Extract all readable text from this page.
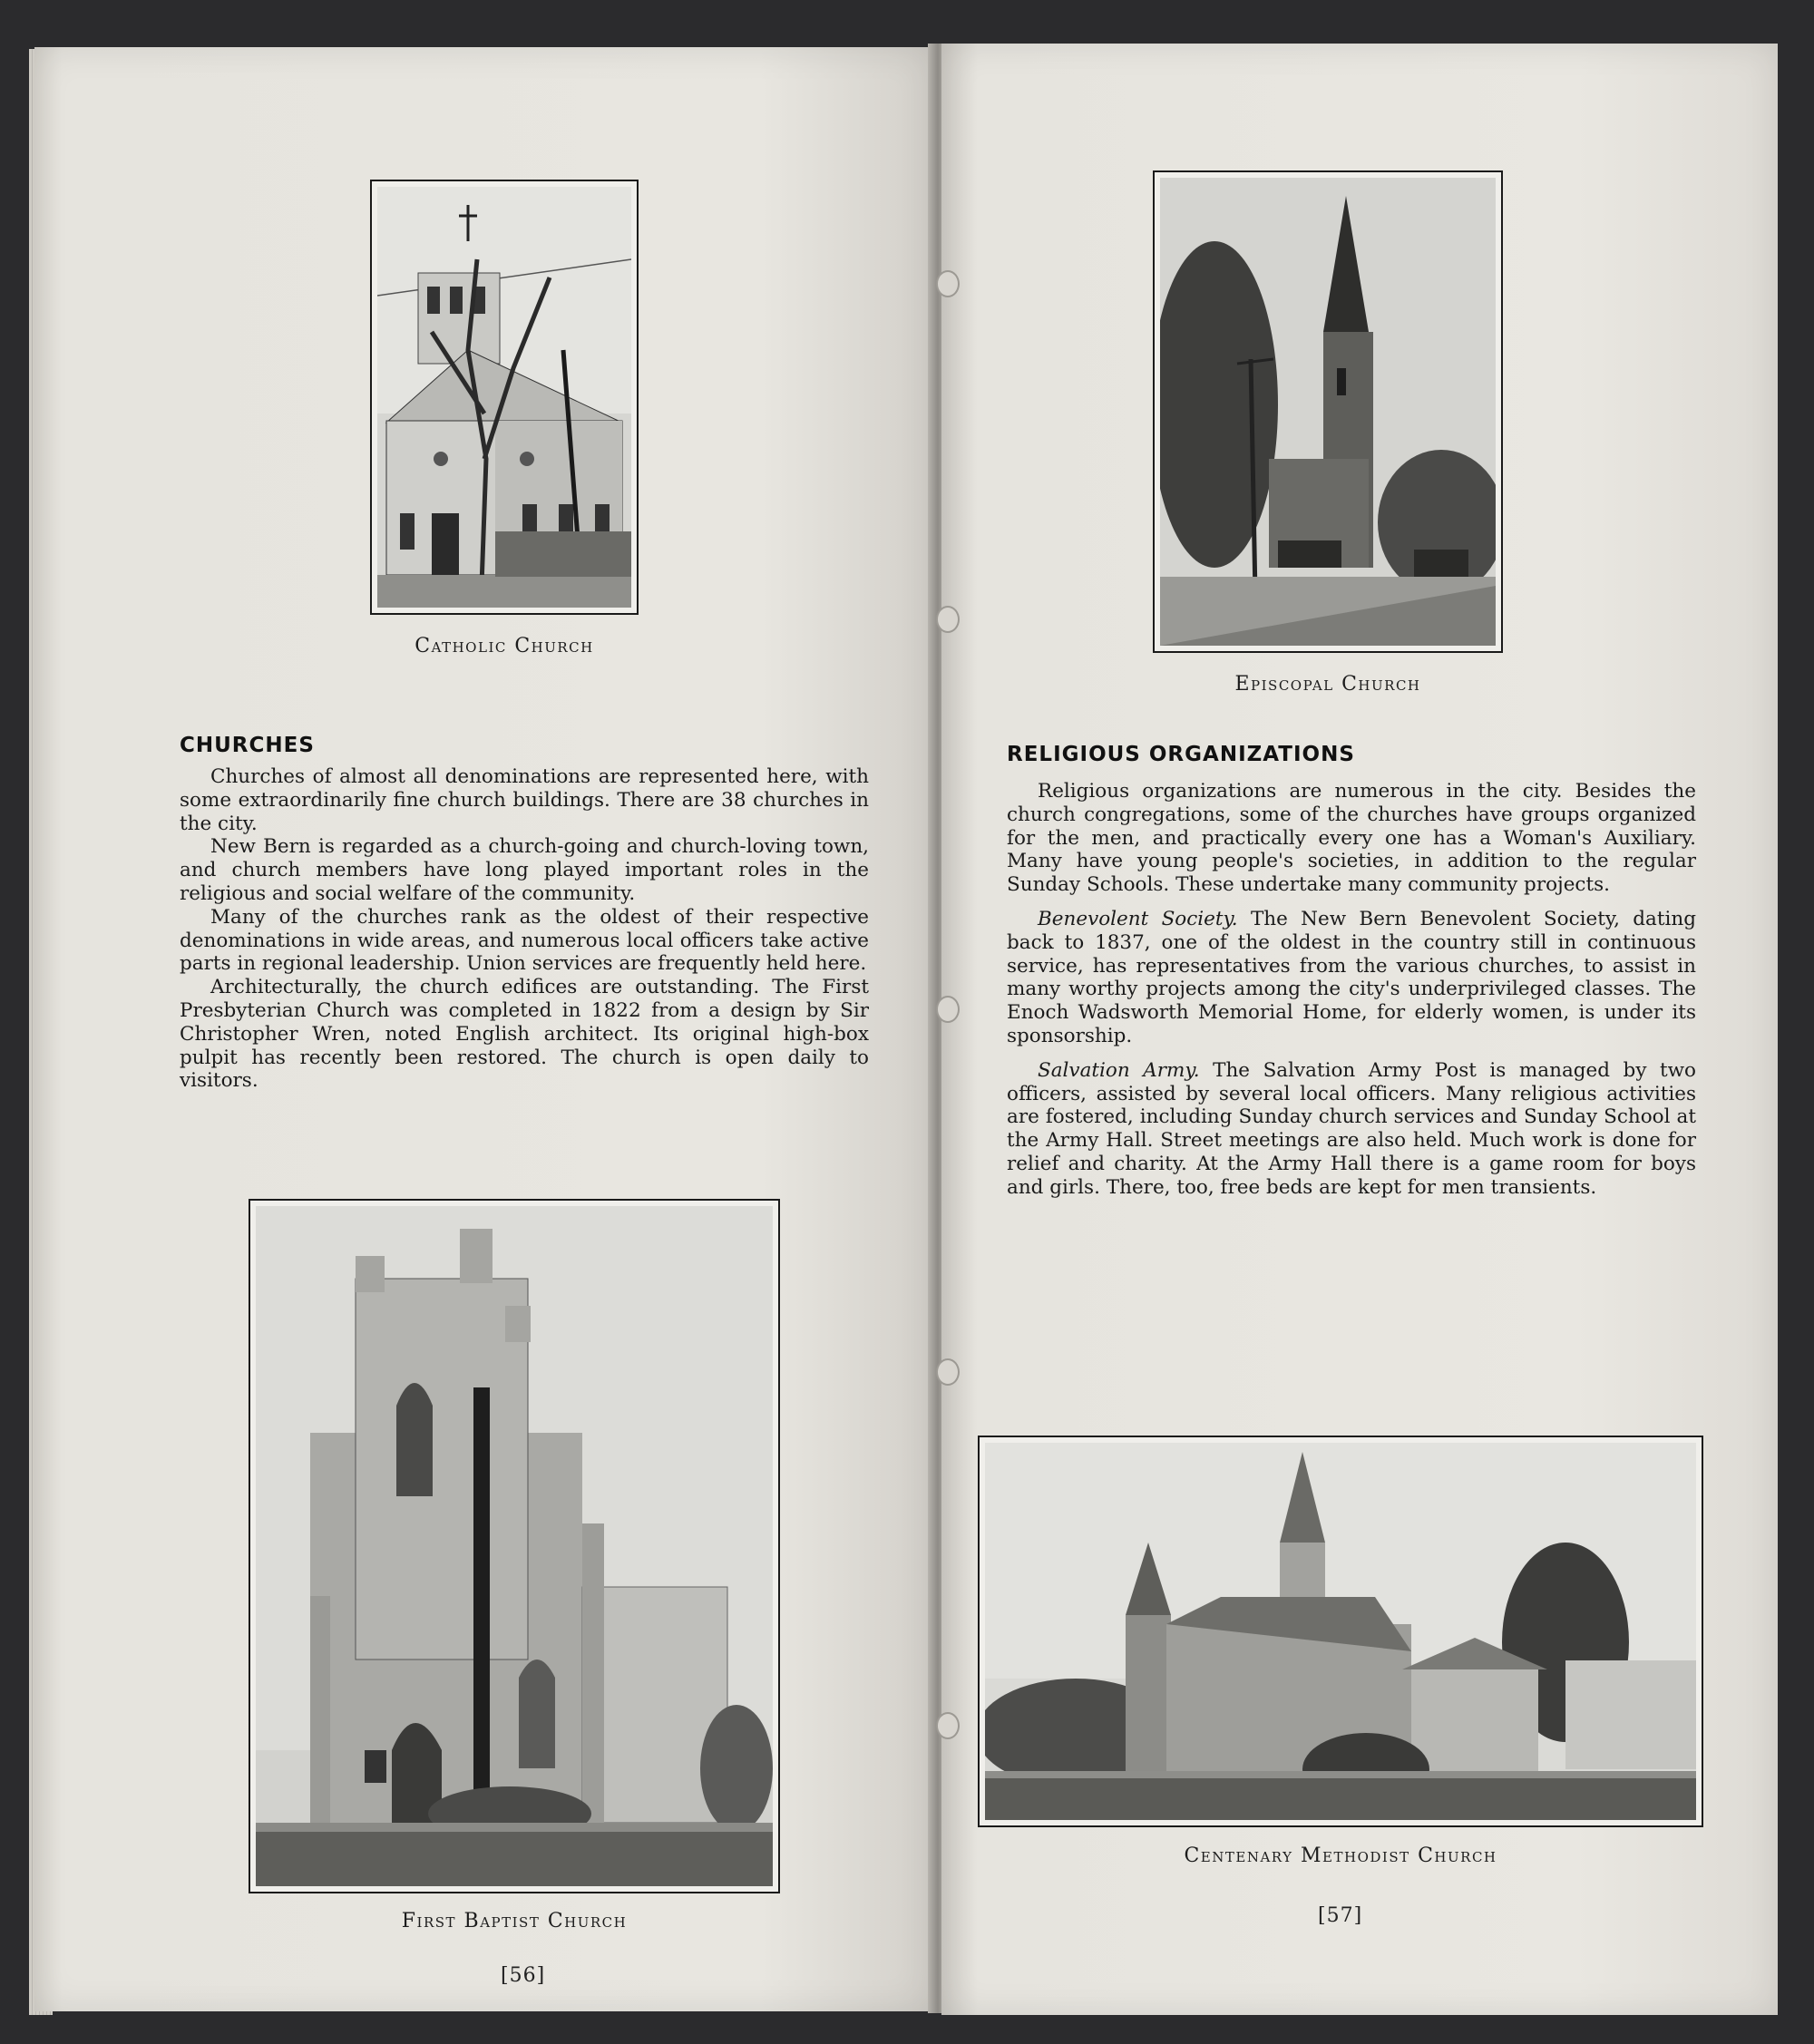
Catholic Church
CHURCHES

Churches of almost all denominations are represented here, with some extraordinarily fine church buildings. There are 38 churches in the city.

New Bern is regarded as a church-going and church-loving town, and church members have long played important roles in the religious and social welfare of the community.

Many of the churches rank as the oldest of their respective denominations in wide areas, and numerous local officers take active parts in regional leadership. Union services are frequently held here.

Architecturally, the church edifices are outstanding. The First Presbyterian Church was completed in 1822 from a design by Sir Christopher Wren, noted English architect. Its original high-box pulpit has recently been restored. The church is open daily to visitors.

First Baptist Church
[56]
Episcopal Church
RELIGIOUS ORGANIZATIONS

Religious organizations are numerous in the city. Besides the church congregations, some of the churches have groups organized for the men, and practically every one has a Woman's Auxiliary. Many have young people's societies, in addition to the regular Sunday Schools. These undertake many community projects.

Benevolent Society. The New Bern Benevolent Society, dating back to 1837, one of the oldest in the country still in continuous service, has representatives from the various churches, to assist in many worthy projects among the city's underprivileged classes. The Enoch Wadsworth Memorial Home, for elderly women, is under its sponsorship.

Salvation Army. The Salvation Army Post is managed by two officers, assisted by several local officers. Many religious activities are fostered, including Sunday church services and Sunday School at the Army Hall. Street meetings are also held. Much work is done for relief and charity. At the Army Hall there is a game room for boys and girls. There, too, free beds are kept for men transients.

Centenary Methodist Church
[57]
